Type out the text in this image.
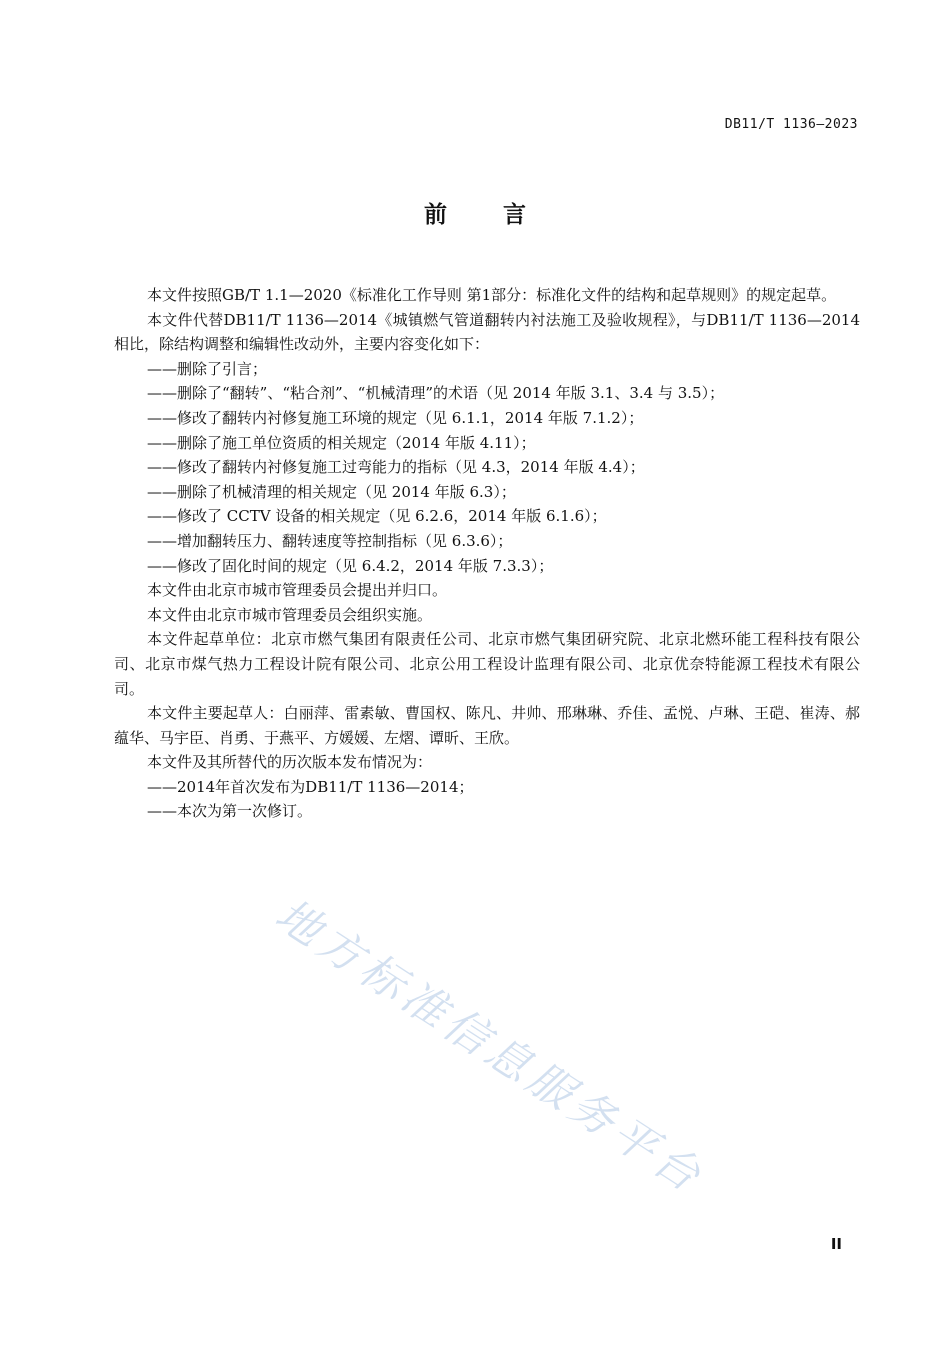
DB11/T 1136—2023
前言

本文件按照GB/T 1.1—2020《标准化工作导则 第1部分：标准化文件的结构和起草规则》的规定起草。

本文件代替DB11/T 1136—2014《城镇燃气管道翻转内衬法施工及验收规程》，与DB11/T 1136—2014相比，除结构调整和编辑性改动外，主要内容变化如下：

——删除了引言；

——删除了“翻转”、“粘合剂”、“机械清理”的术语（见 2014 年版 3.1、3.4 与 3.5）；

——修改了翻转内衬修复施工环境的规定（见 6.1.1，2014 年版 7.1.2）；

——删除了施工单位资质的相关规定（2014 年版 4.11）；

——修改了翻转内衬修复施工过弯能力的指标（见 4.3，2014 年版 4.4）；

——删除了机械清理的相关规定（见 2014 年版 6.3）；

——修改了 CCTV 设备的相关规定（见 6.2.6，2014 年版 6.1.6）；

——增加翻转压力、翻转速度等控制指标（见 6.3.6）；

——修改了固化时间的规定（见 6.4.2，2014 年版 7.3.3）；

本文件由北京市城市管理委员会提出并归口。

本文件由北京市城市管理委员会组织实施。

本文件起草单位：北京市燃气集团有限责任公司、北京市燃气集团研究院、北京北燃环能工程科技有限公司、北京市煤气热力工程设计院有限公司、北京公用工程设计监理有限公司、北京优奈特能源工程技术有限公司。

本文件主要起草人：白丽萍、雷素敏、曹国权、陈凡、井帅、邢琳琳、乔佳、孟悦、卢琳、王硙、崔涛、郝蕴华、马宇臣、肖勇、于燕平、方媛媛、左熠、谭昕、王欣。

本文件及其所替代的历次版本发布情况为：

——2014年首次发布为DB11/T 1136—2014；

——本次为第一次修订。

地方标准信息服务平台
II
